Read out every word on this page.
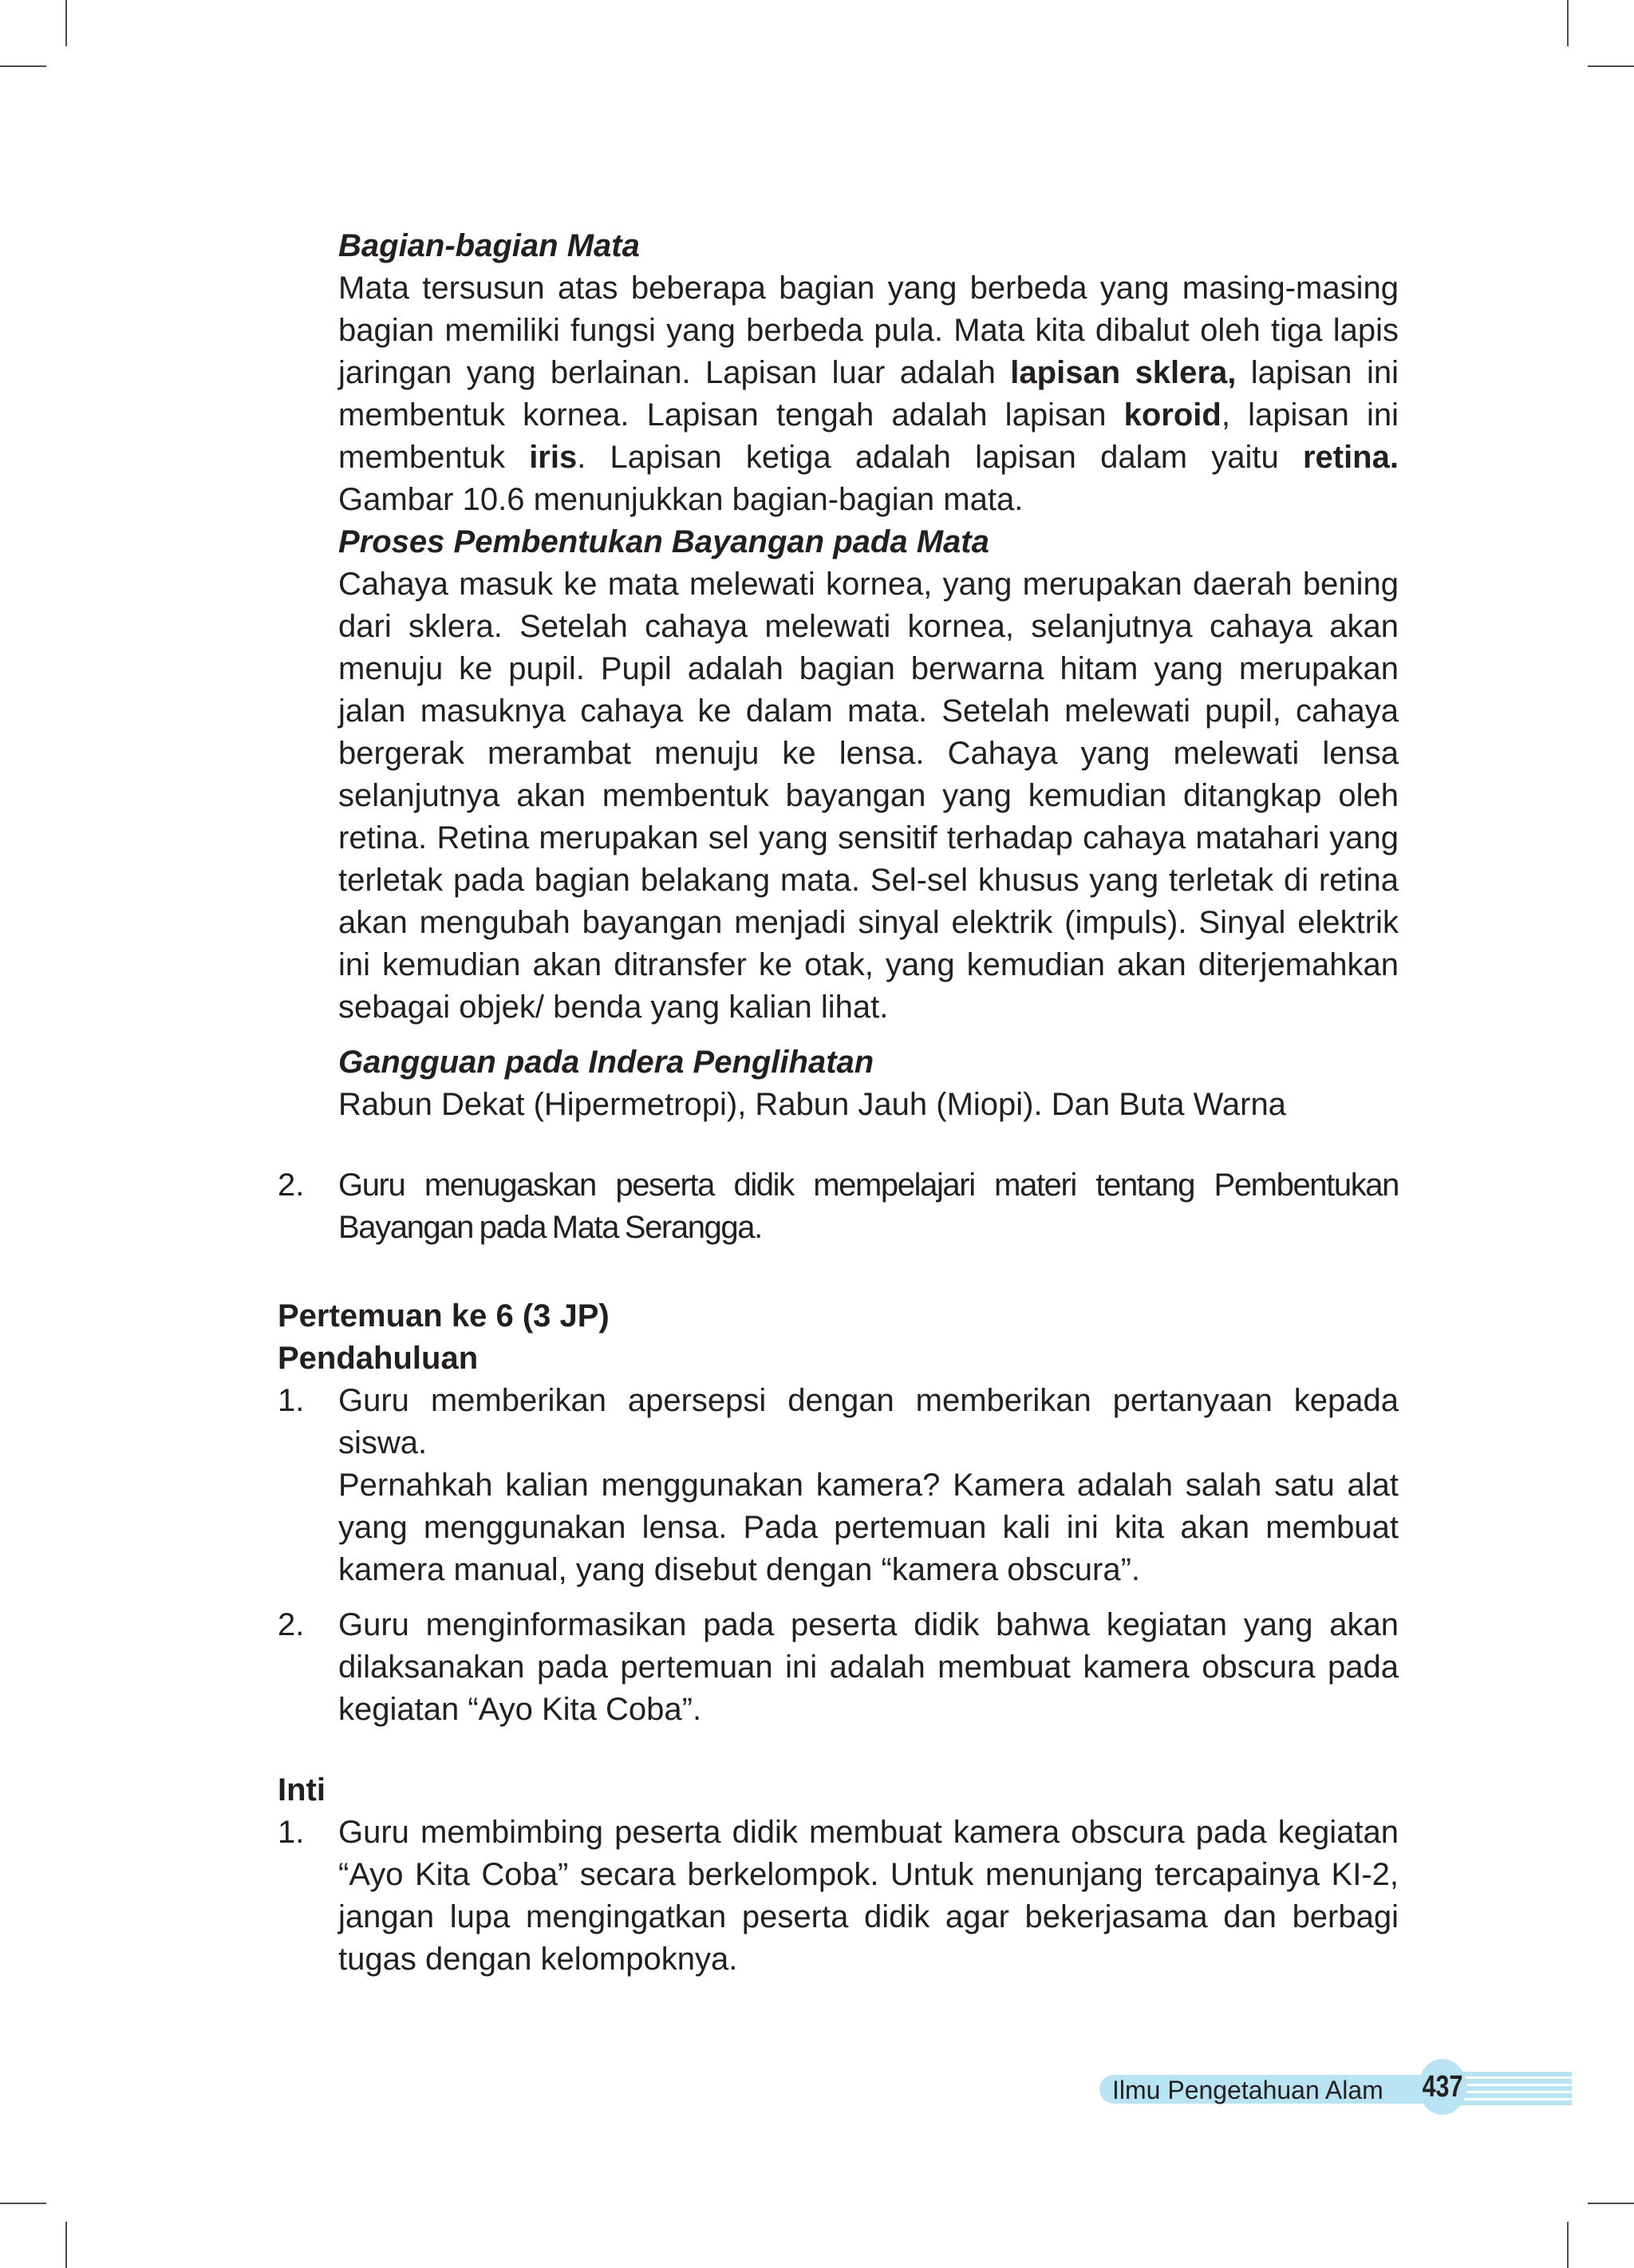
Bagian-bagian Mata
Mata tersusun atas beberapa bagian yang berbeda yang masing-masing bagian memiliki fungsi yang berbeda pula. Mata kita dibalut oleh tiga lapis jaringan yang berlainan. Lapisan luar adalah lapisan sklera, lapisan ini membentuk kornea. Lapisan tengah adalah lapisan koroid, lapisan ini membentuk iris. Lapisan ketiga adalah lapisan dalam yaitu retina. Gambar 10.6 menunjukkan bagian-bagian mata.
Proses Pembentukan Bayangan pada Mata
Cahaya masuk ke mata melewati kornea, yang merupakan daerah bening dari sklera. Setelah cahaya melewati kornea, selanjutnya cahaya akan menuju ke pupil. Pupil adalah bagian berwarna hitam yang merupakan jalan masuknya cahaya ke dalam mata. Setelah melewati pupil, cahaya bergerak merambat menuju ke lensa. Cahaya yang melewati lensa selanjutnya akan membentuk bayangan yang kemudian ditangkap oleh retina. Retina merupakan sel yang sensitif terhadap cahaya matahari yang terletak pada bagian belakang mata. Sel-sel khusus yang terletak di retina akan mengubah bayangan menjadi sinyal elektrik (impuls). Sinyal elektrik ini kemudian akan ditransfer ke otak, yang kemudian akan diterjemahkan sebagai objek/ benda yang kalian lihat.
Gangguan pada Indera Penglihatan
Rabun Dekat (Hipermetropi), Rabun Jauh (Miopi). Dan Buta Warna
2. Guru menugaskan peserta didik mempelajari materi tentang Pembentukan Bayangan pada Mata Serangga.
Pertemuan ke 6 (3 JP)
Pendahuluan
1. Guru memberikan apersepsi dengan memberikan pertanyaan kepada siswa.
Pernahkah kalian menggunakan kamera? Kamera adalah salah satu alat yang menggunakan lensa. Pada pertemuan kali ini kita akan membuat kamera manual, yang disebut dengan “kamera obscura”.
2. Guru menginformasikan pada peserta didik bahwa kegiatan yang akan dilaksanakan pada pertemuan ini adalah membuat kamera obscura pada kegiatan “Ayo Kita Coba”.
Inti
1. Guru membimbing peserta didik membuat kamera obscura pada kegiatan “Ayo Kita Coba” secara berkelompok. Untuk menunjang tercapainya KI-2, jangan lupa mengingatkan peserta didik agar bekerjasama dan berbagi tugas dengan kelompoknya.
Ilmu Pengetahuan Alam 437
